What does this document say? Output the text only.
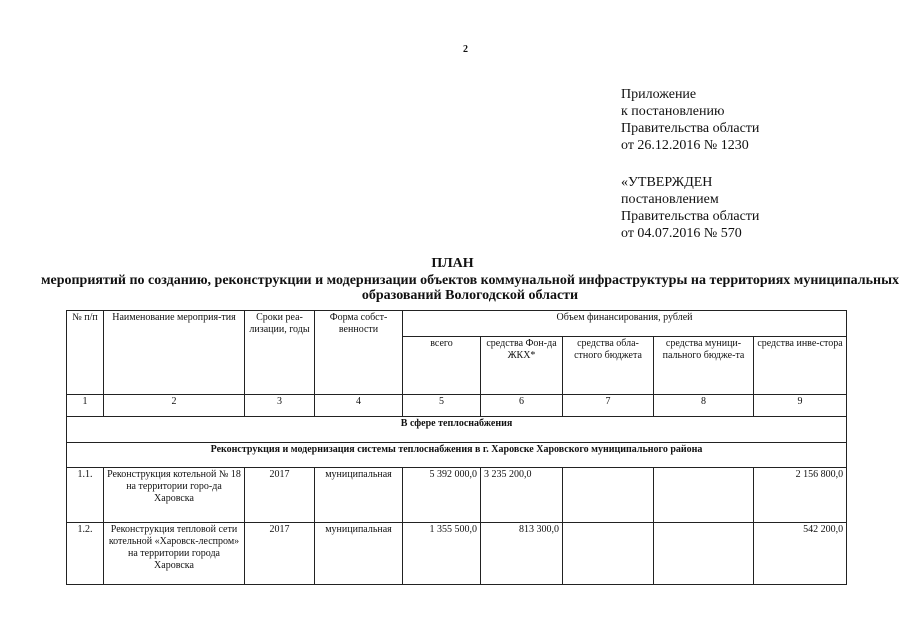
2
Приложение
к постановлению
Правительства области
от 26.12.2016 № 1230
«УТВЕРЖДЕН
постановлением
Правительства области
от 04.07.2016 № 570
ПЛАН
мероприятий по созданию, реконструкции и модернизации объектов коммунальной инфраструктуры на территориях муниципальных образований Вологодской области
№ п/п	Наименование мероприя-тия	Сроки реа-лизации, годы	Форма собст-венности	Объем финансирования, рублей				
				всего	средства Фон-да ЖКХ*	средства обла-стного бюджета	средства муници-пального бюдже-та	средства инве-стора
1	2	3	4	5	6	7	8	9
В сфере теплоснабжения								
Реконструкция и модернизация системы теплоснабжения в г. Харовске Харовского муниципального района								
1.1.	Реконструкция котельной № 18 на территории горо-да Харовска	2017	муниципальная	5 392 000,0	3 235 200,0			2 156 800,0
1.2.	Реконструкция тепловой сети котельной «Харовск-леспром» на территории города Харовска	2017	муниципальная	1 355 500,0	813 300,0			542 200,0
